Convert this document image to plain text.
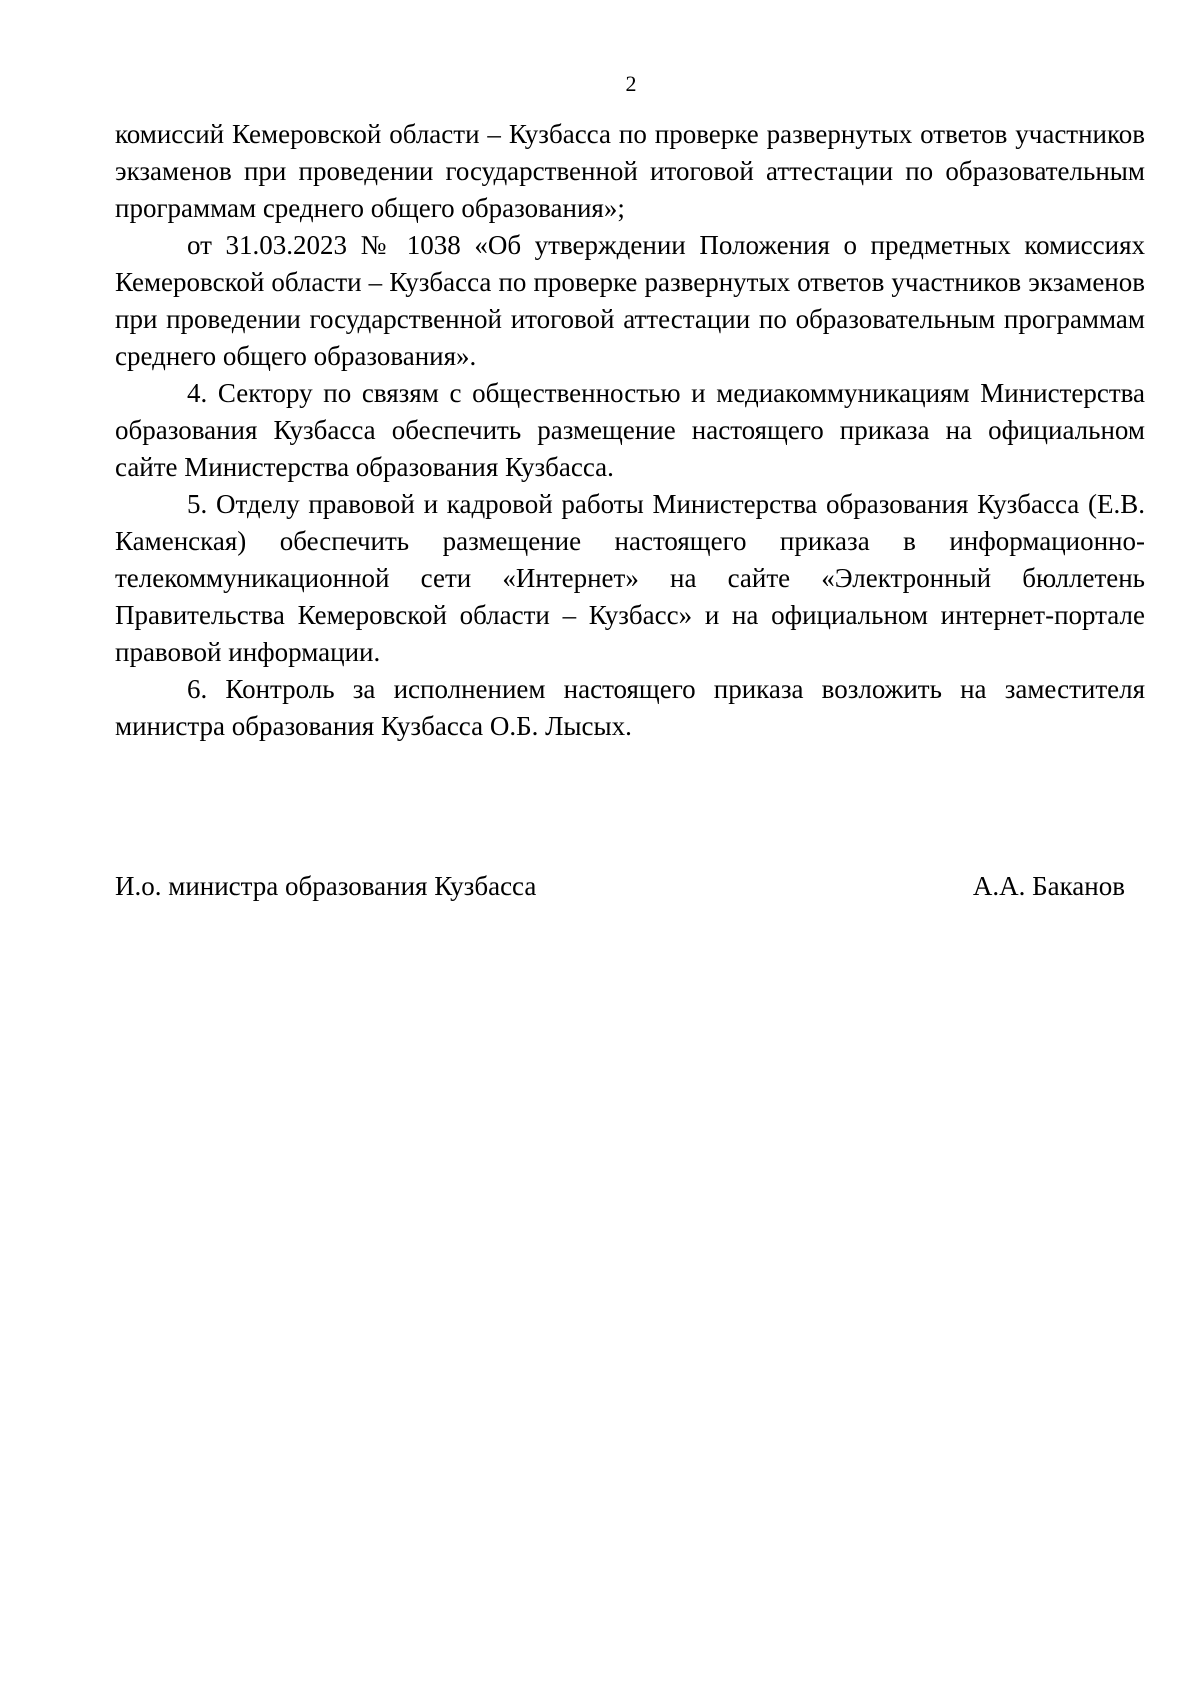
2

комиссий Кемеровской области – Кузбасса по проверке развернутых ответов участников экзаменов при проведении государственной итоговой аттестации по образовательным программам среднего общего образования»;

от 31.03.2023 № 1038 «Об утверждении Положения о предметных комиссиях Кемеровской области – Кузбасса по проверке развернутых ответов участников экзаменов при проведении государственной итоговой аттестации по образовательным программам среднего общего образования».

4. Сектору по связям с общественностью и медиакоммуникациям Министерства образования Кузбасса обеспечить размещение настоящего приказа на официальном сайте Министерства образования Кузбасса.

5. Отделу правовой и кадровой работы Министерства образования Кузбасса (Е.В. Каменская) обеспечить размещение настоящего приказа в информационно-телекоммуникационной сети «Интернет» на сайте «Электронный бюллетень Правительства Кемеровской области – Кузбасс» и на официальном интернет-портале правовой информации.

6. Контроль за исполнением настоящего приказа возложить на заместителя министра образования Кузбасса О.Б. Лысых.

И.о. министра образования Кузбасса	А.А. Баканов
